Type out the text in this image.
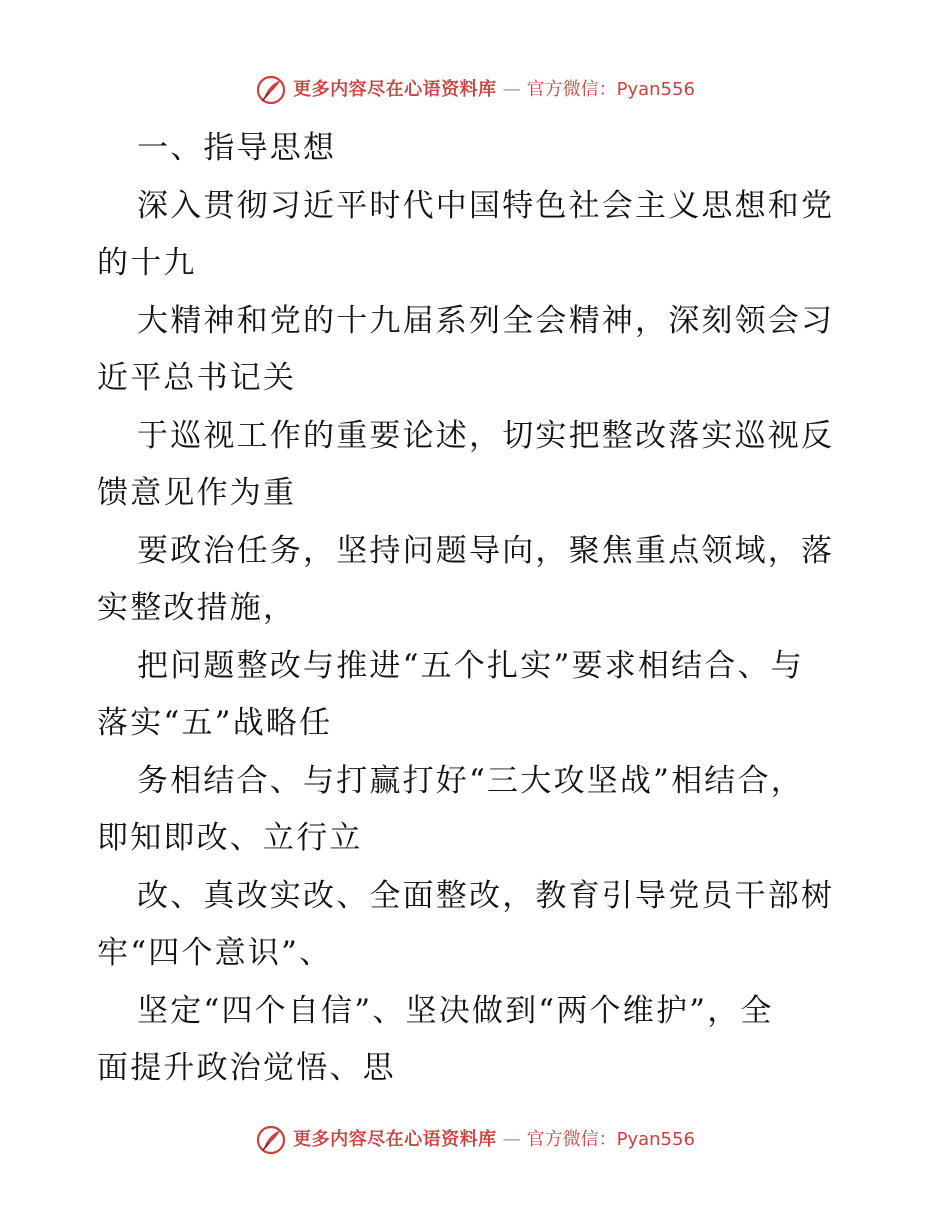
更多内容尽在心语资料库 — 官方微信：Pyan556
一、指导思想
深入贯彻习近平时代中国特色社会主义思想和党
的十九
大精神和党的十九届系列全会精神，深刻领会习
近平总书记关
于巡视工作的重要论述，切实把整改落实巡视反
馈意见作为重
要政治任务，坚持问题导向，聚焦重点领域，落
实整改措施，
把问题整改与推进“五个扎实”要求相结合、与
落实“五”战略任
务相结合、与打赢打好“三大攻坚战”相结合，
即知即改、立行立
改、真改实改、全面整改，教育引导党员干部树
牢“四个意识”、
坚定“四个自信”、坚决做到“两个维护”，全
面提升政治觉悟、思
更多内容尽在心语资料库 — 官方微信：Pyan556
